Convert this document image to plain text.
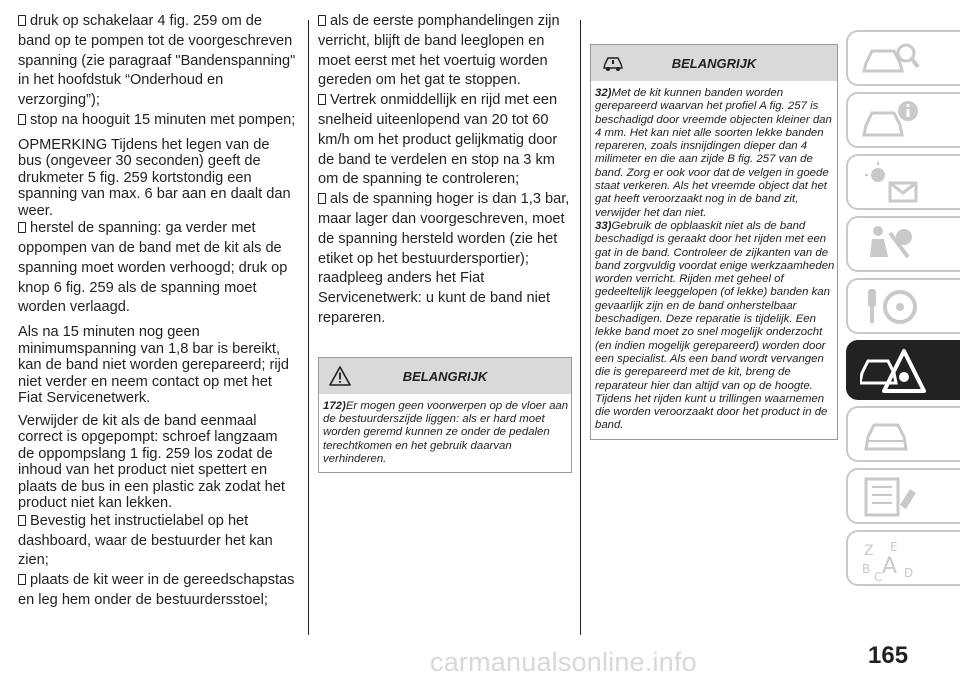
druk op schakelaar 4 fig. 259 om de band op te pompen tot de voorgeschreven spanning (zie paragraaf "Bandenspanning" in het hoofdstuk “Onderhoud en verzorging”);

stop na hooguit 15 minuten met pompen;

OPMERKING Tijdens het legen van de bus (ongeveer 30 seconden) geeft de drukmeter 5 fig. 259 kortstondig een spanning van max. 6 bar aan en daalt dan weer.

herstel de spanning: ga verder met oppompen van de band met de kit als de spanning moet worden verhoogd; druk op knop 6 fig. 259 als de spanning moet worden verlaagd.

Als na 15 minuten nog geen minimumspanning van 1,8 bar is bereikt, kan de band niet worden gerepareerd; rijd niet verder en neem contact op met het Fiat Servicenetwerk.

Verwijder de kit als de band eenmaal correct is opgepompt: schroef langzaam de oppompslang 1 fig. 259 los zodat de inhoud van het product niet spettert en plaats de bus in een plastic zak zodat het product niet kan lekken.

Bevestig het instructielabel op het dashboard, waar de bestuurder het kan zien;

plaats de kit weer in de gereedschapstas en leg hem onder de bestuurdersstoel;

als de eerste pomphandelingen zijn verricht, blijft de band leeglopen en moet eerst met het voertuig worden gereden om het gat te stoppen.

Vertrek onmiddellijk en rijd met een snelheid uiteenlopend van 20 tot 60 km/h om het product gelijkmatig door de band te verdelen en stop na 3 km om de spanning te controleren;

als de spanning hoger is dan 1,3 bar, maar lager dan voorgeschreven, moet de spanning hersteld worden (zie het etiket op het bestuurdersportier); raadpleeg anders het Fiat Servicenetwerk: u kunt de band niet repareren.

BELANGRIJK
172)Er mogen geen voorwerpen op de vloer aan de bestuurderszijde liggen: als er hard moet worden geremd kunnen ze onder de pedalen terechtkomen en het gebruik daarvan verhinderen.
BELANGRIJK
32)Met de kit kunnen banden worden gerepareerd waarvan het profiel A fig. 257 is beschadigd door vreemde objecten kleiner dan 4 mm. Het kan niet alle soorten lekke banden repareren, zoals insnijdingen dieper dan 4 milimeter en die aan zijde B fig. 257 van de band. Zorg er ook voor dat de velgen in goede staat verkeren. Als het vreemde object dat het gat heeft veroorzaakt nog in de band zit, verwijder het dan niet.
33)Gebruik de opblaaskit niet als de band beschadigd is geraakt door het rijden met een gat in de band. Controleer de zijkanten van de band zorgvuldig voordat enige werkzaamheden worden verricht. Rijden met geheel of gedeeltelijk leeggelopen (of lekke) banden kan gevaarlijk zijn en de band onherstelbaar beschadigen. Deze reparatie is tijdelijk. Een lekke band moet zo snel mogelijk onderzocht (en indien mogelijk gerepareerd) worden door een specialist. Als een band wordt vervangen die is gerepareerd met de kit, breng de reparateur hier dan altijd van op de hoogte. Tijdens het rijden kunt u trillingen waarnemen die worden veroorzaakt door het product in de band.
Z E
B A
C D
165
carmanualsonline.info
